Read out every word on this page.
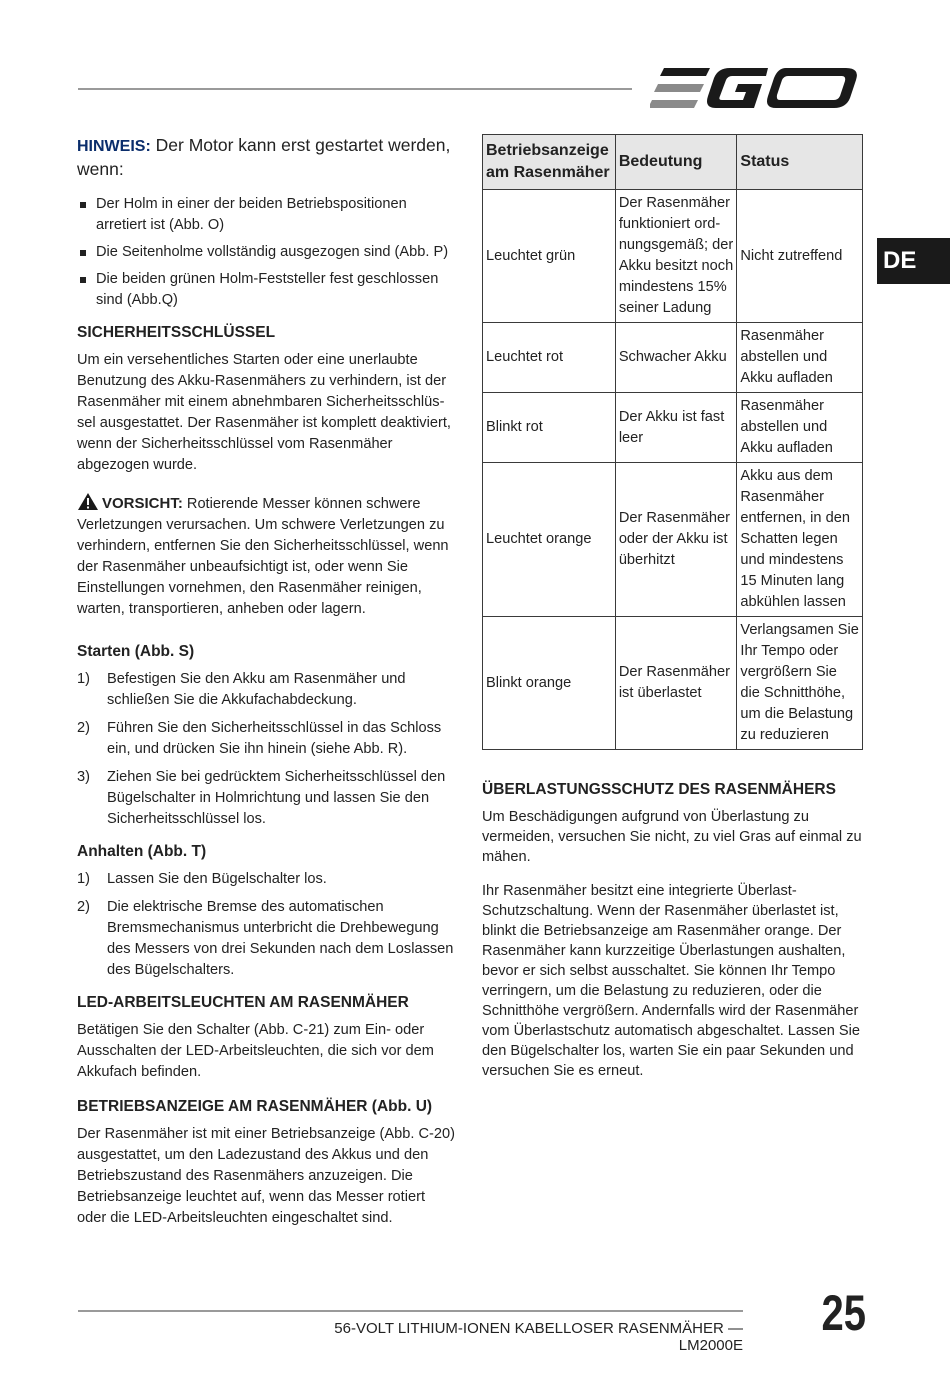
DE

HINWEIS: Der Motor kann erst gestartet werden, wenn:

Der Holm in einer der beiden Betriebspositionen arretiert ist (Abb. O)
Die Seitenholme vollständig ausgezogen sind (Abb. P)
Die beiden grünen Holm-Feststeller fest geschlossen sind (Abb.Q)
SICHERHEITSSCHLÜSSEL

Um ein versehentliches Starten oder eine unerlaubte Benutzung des Akku-Rasenmähers zu verhindern, ist der Rasenmäher mit einem abnehmbaren Sicherheitsschlüssel ausgestattet. Der Rasenmäher ist komplett deaktiviert, wenn der Sicherheitsschlüssel vom Rasenmäher abgezogen wurde.

VORSICHT: Rotierende Messer können schwere Verletzungen verursachen. Um schwere Verletzungen zu verhindern, entfernen Sie den Sicherheitsschlüssel, wenn der Rasenmäher unbeaufsichtigt ist, oder wenn Sie Einstellungen vornehmen, den Rasenmäher reinigen, warten, transportieren, anheben oder lagern.

Starten (Abb. S)
1) Befestigen Sie den Akku am Rasenmäher und schließen Sie die Akkufachabdeckung.
2) Führen Sie den Sicherheitsschlüssel in das Schloss ein, und drücken Sie ihn hinein (siehe Abb. R).
3) Ziehen Sie bei gedrücktem Sicherheitsschlüssel den Bügelschalter in Holmrichtung und lassen Sie den Sicherheitsschlüssel los.
Anhalten (Abb. T)
1) Lassen Sie den Bügelschalter los.
2) Die elektrische Bremse des automatischen Bremsmechanismus unterbricht die Drehbewegung des Messers von drei Sekunden nach dem Loslassen des Bügelschalters.
LED-ARBEITSLEUCHTEN AM RASENMÄHER

Betätigen Sie den Schalter (Abb. C-21) zum Ein- oder Ausschalten der LED-Arbeitsleuchten, die sich vor dem Akkufach befinden.

BETRIEBSANZEIGE AM RASENMÄHER (Abb. U)

Der Rasenmäher ist mit einer Betriebsanzeige (Abb. C-20) ausgestattet, um den Ladezustand des Akkus und den Betriebszustand des Rasenmähers anzuzeigen. Die Betriebsanzeige leuchtet auf, wenn das Messer rotiert oder die LED-Arbeitsleuchten eingeschaltet sind.

Betriebsanzeige am Rasenmäher	Bedeutung	Status
Leuchtet grün	Der Rasenmäher funktioniert ordnungsgemäß; der Akku besitzt noch mindestens 15% seiner Ladung	Nicht zutreffend
Leuchtet rot	Schwacher Akku	Rasenmäher abstellen und Akku aufladen
Blinkt rot	Der Akku ist fast leer	Rasenmäher abstellen und Akku aufladen
Leuchtet orange	Der Rasenmäher oder der Akku ist überhitzt	Akku aus dem Rasenmäher entfernen, in den Schatten legen und mindestens 15 Minuten lang abkühlen lassen
Blinkt orange	Der Rasenmäher ist überlastet	Verlangsamen Sie Ihr Tempo oder vergrößern Sie die Schnitthöhe, um die Belastung zu reduzieren
ÜBERLASTUNGSSCHUTZ DES RASENMÄHERS

Um Beschädigungen aufgrund von Überlastung zu vermeiden, versuchen Sie nicht, zu viel Gras auf einmal zu mähen.

Ihr Rasenmäher besitzt eine integrierte Überlast-Schutzschaltung. Wenn der Rasenmäher überlastet ist, blinkt die Betriebsanzeige am Rasenmäher orange. Der Rasenmäher kann kurzzeitige Überlastungen aushalten, bevor er sich selbst ausschaltet. Sie können Ihr Tempo verringern, um die Belastung zu reduzieren, oder die Schnitthöhe vergrößern. Andernfalls wird der Rasenmäher vom Überlastschutz automatisch abgeschaltet. Lassen Sie den Bügelschalter los, warten Sie ein paar Sekunden und versuchen Sie es erneut.

56-VOLT LITHIUM-IONEN KABELLOSER RASENMÄHER — LM2000E
25
